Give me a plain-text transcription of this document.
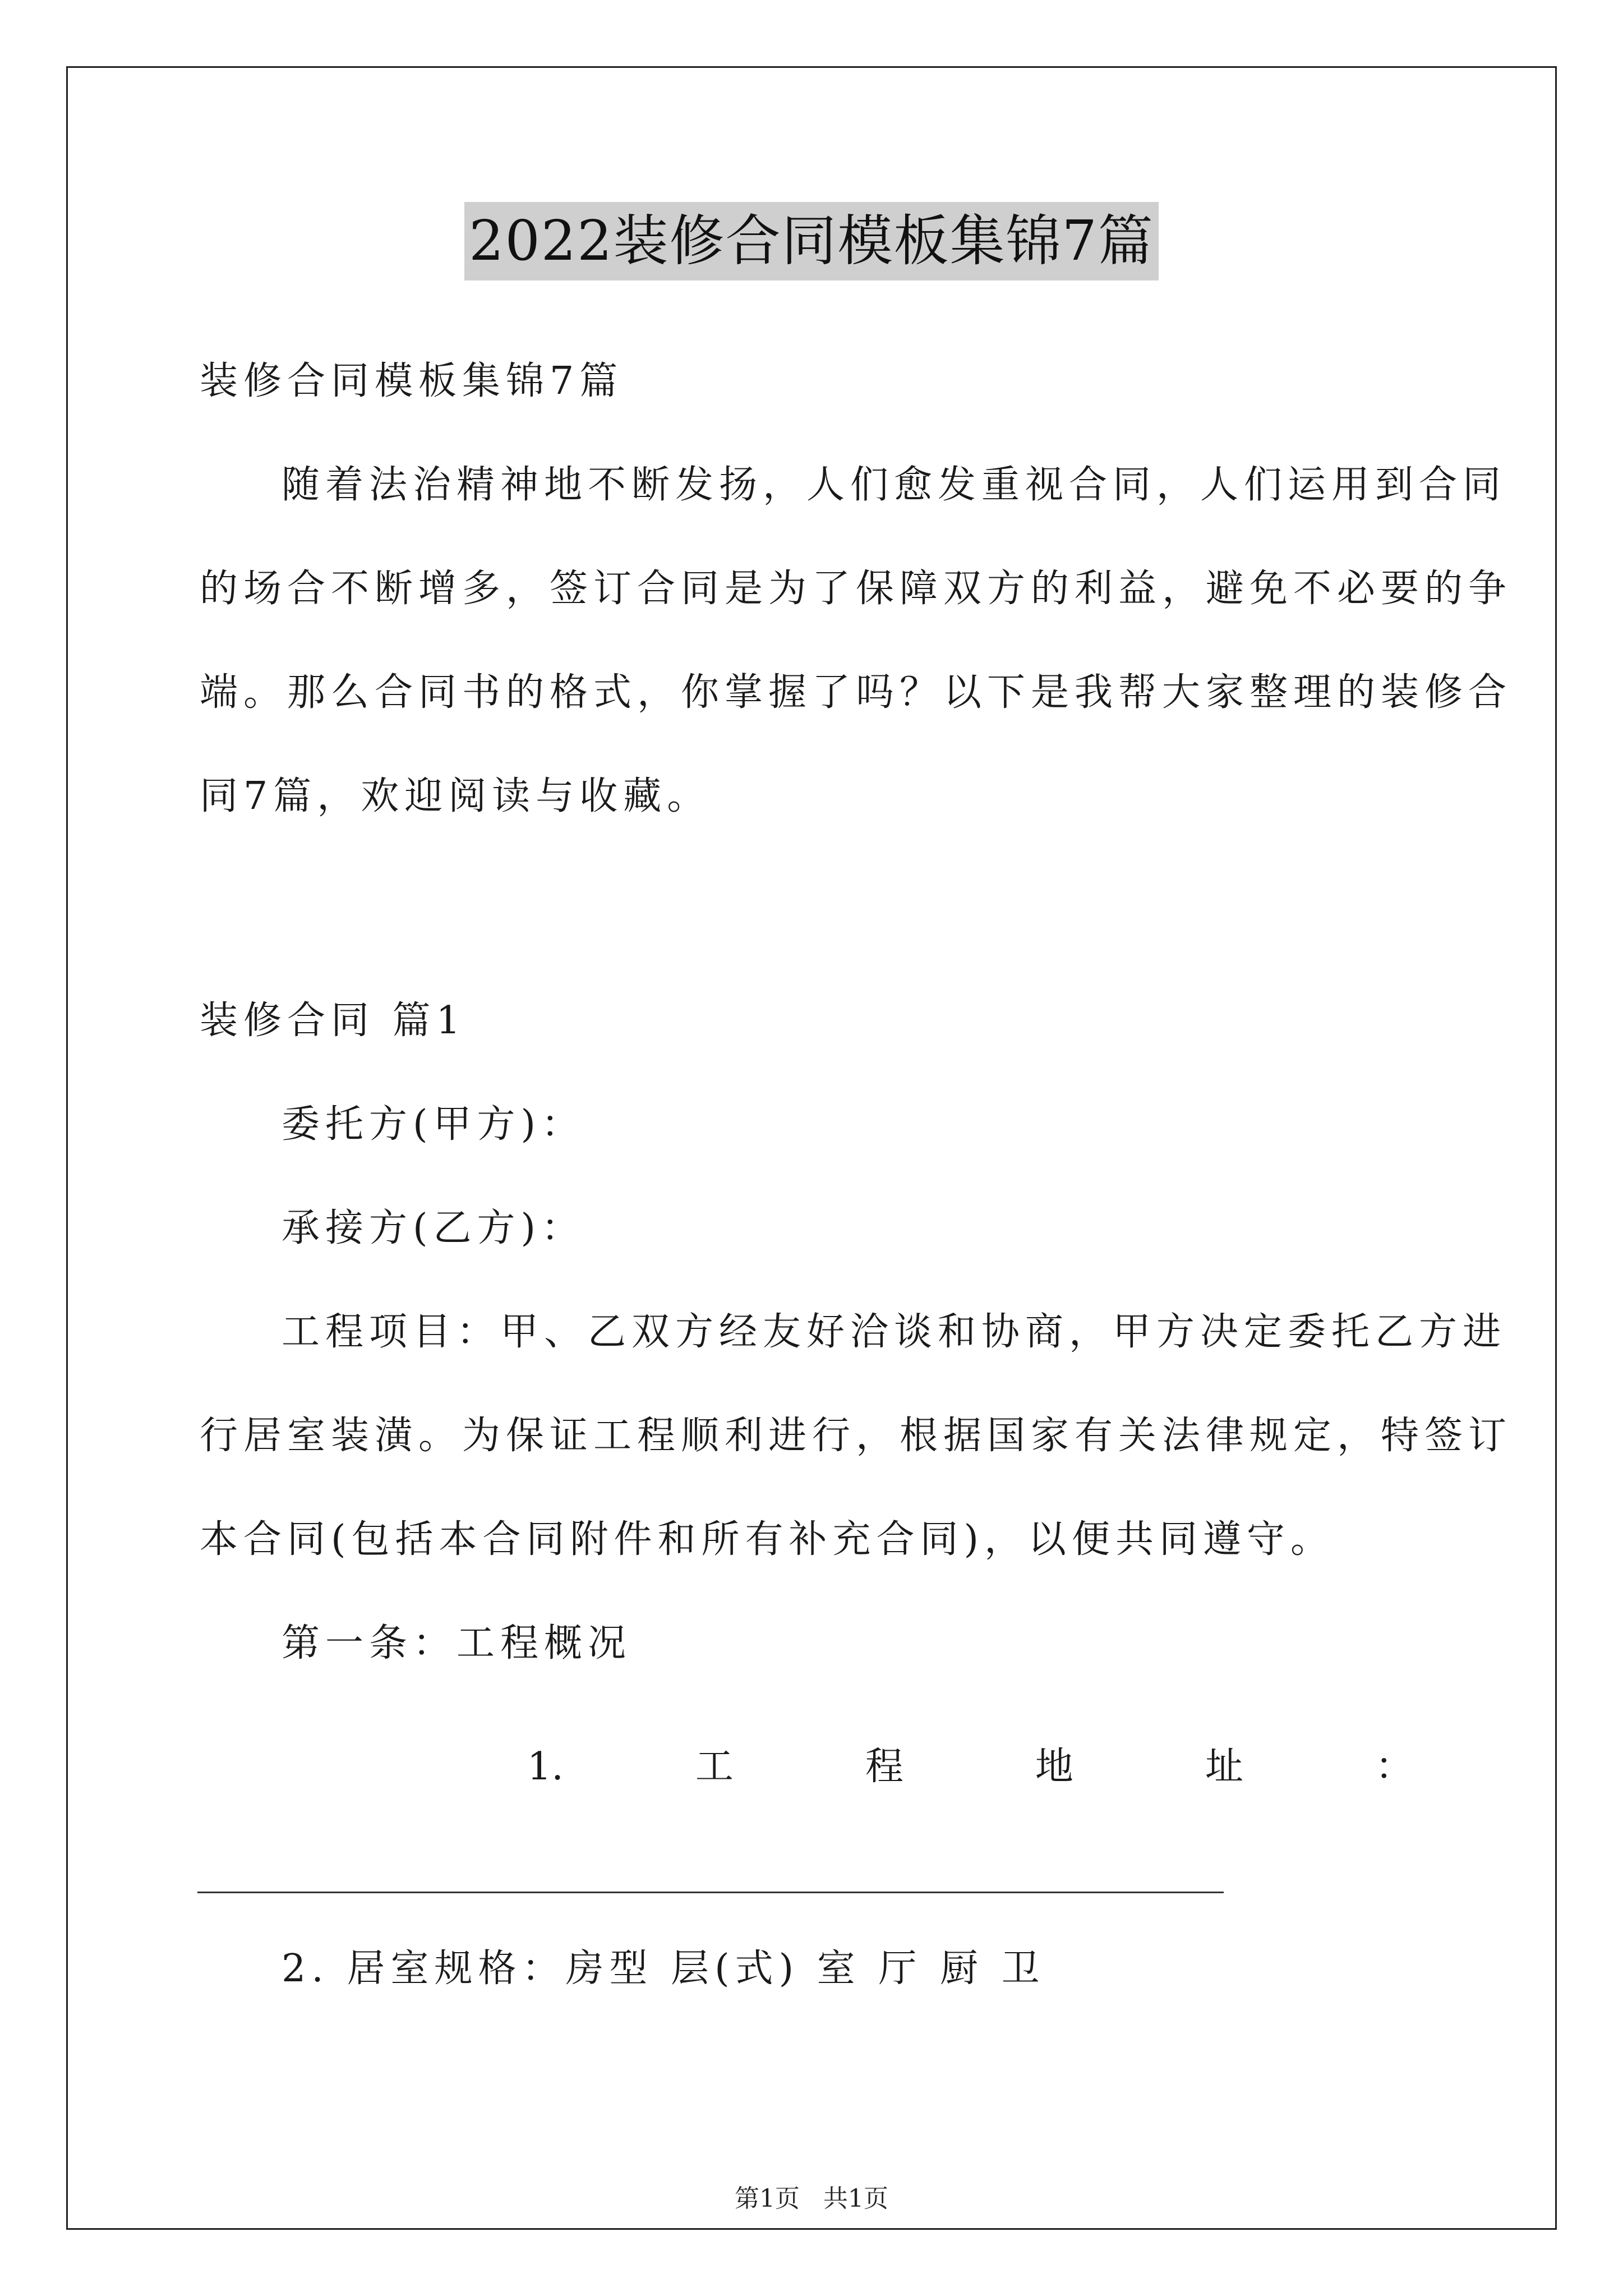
2022装修合同模板集锦7篇
装修合同模板集锦7篇
随着法治精神地不断发扬，人们愈发重视合同，人们运用到合同
的场合不断增多，签订合同是为了保障双方的利益，避免不必要的争
端。那么合同书的格式，你掌握了吗？以下是我帮大家整理的装修合
同7篇，欢迎阅读与收藏。
装修合同 篇1
委托方(甲方)：
承接方(乙方)：
工程项目：甲、乙双方经友好洽谈和协商，甲方决定委托乙方进
行居室装潢。为保证工程顺利进行，根据国家有关法律规定，特签订
本合同(包括本合同附件和所有补充合同)，以便共同遵守。
第一条：工程概况
1.	工	程	地	址	：
2. 居室规格：房型 层(式) 室 厅 厨 卫
第1页 共1页
